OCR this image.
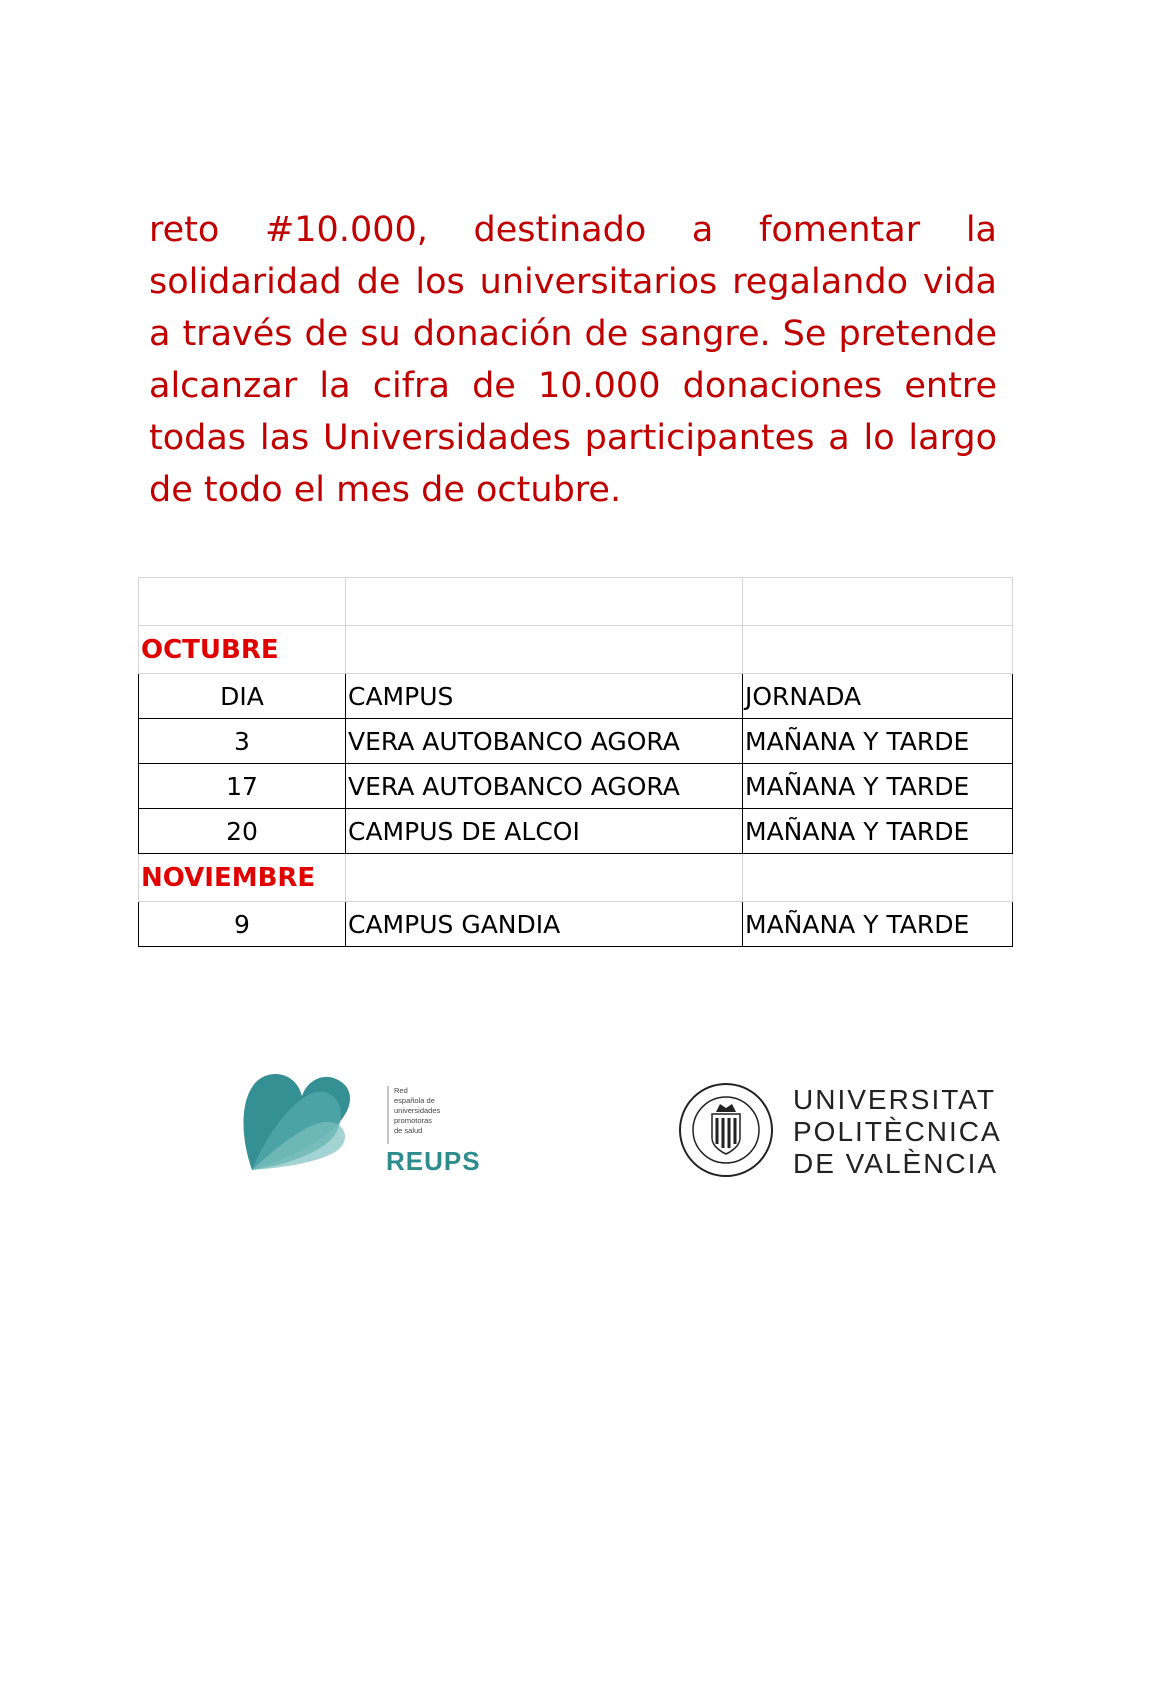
reto #10.000, destinado a fomentar la solidaridad de los universitarios regalando vida a través de su donación de sangre. Se pretende alcanzar la cifra de 10.000 donaciones entre todas las Universidades participantes a lo largo de todo el mes de octubre.

OCTUBRE		
DIA	CAMPUS	JORNADA
3	VERA AUTOBANCO AGORA	MAÑANA Y TARDE
17	VERA AUTOBANCO AGORA	MAÑANA Y TARDE
20	CAMPUS DE ALCOI	MAÑANA Y TARDE
NOVIEMBRE		
9	CAMPUS GANDIA	MAÑANA Y TARDE
Red
española de
universidades
promotoras
de salud
REUPS
UNIVERSITAT
POLITÈCNICA
DE VALÈNCIA
